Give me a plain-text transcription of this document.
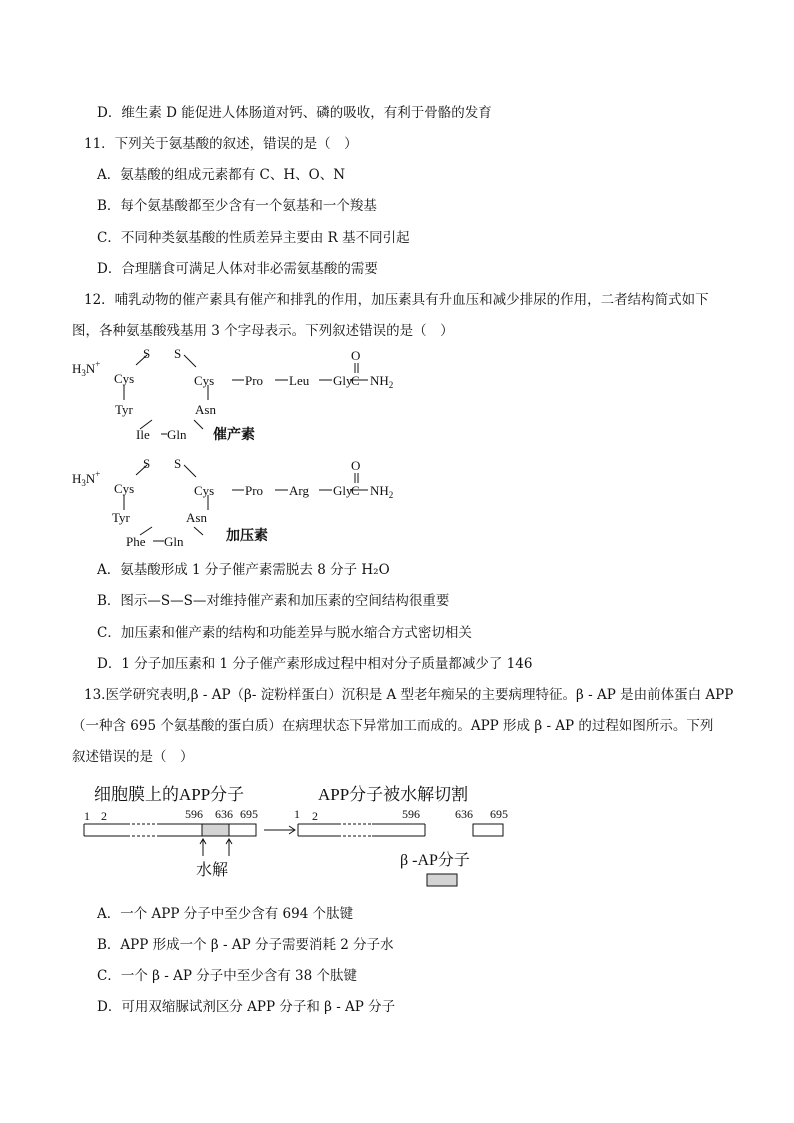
D．维生素 D 能促进人体肠道对钙、磷的吸收，有利于骨骼的发育
11．下列关于氨基酸的叙述，错误的是（　）
A．氨基酸的组成元素都有 C、H、O、N
B．每个氨基酸都至少含有一个氨基和一个羧基
C．不同种类氨基酸的性质差异主要由 R 基不同引起
D．合理膳食可满足人体对非必需氨基酸的需要
12．哺乳动物的催产素具有催产和排乳的作用，加压素具有升血压和减少排尿的作用，二者结构简式如下
图，各种氨基酸残基用 3 个字母表示。下列叙述错误的是（　）
$H_3N^+$
Cys
S S
Cys Pro Leu Gly
C
O
$NH_2$
Tyr	Asn
Ile Gln 催产素
$H_3N^+$
Cys
S S
Cys Pro Arg Gly
C
O
$NH_2$
Tyr	Asn
Phe Gln	加压素
A．氨基酸形成 1 分子催产素需脱去 8 分子 H₂O
B．图示—S—S—对维持催产素和加压素的空间结构很重要
C．加压素和催产素的结构和功能差异与脱水缩合方式密切相关
D．1 分子加压素和 1 分子催产素形成过程中相对分子质量都减少了 146
13.医学研究表明,β - AP（β- 淀粉样蛋白）沉积是 A 型老年痴呆的主要病理特征。β - AP 是由前体蛋白 APP
（一种含 695 个氨基酸的蛋白质）在病理状态下异常加工而成的。APP 形成 β - AP 的过程如图所示。下列
叙述错误的是（　）
细胞膜上的APP分子	APP分子被水解切割
1 2	596 636 695
水解
1 2	596	636 695
β -AP分子
A．一个 APP 分子中至少含有 694 个肽键
B．APP 形成一个 β - AP 分子需要消耗 2 分子水
C．一个 β - AP 分子中至少含有 38 个肽键
D．可用双缩脲试剂区分 APP 分子和 β - AP 分子
